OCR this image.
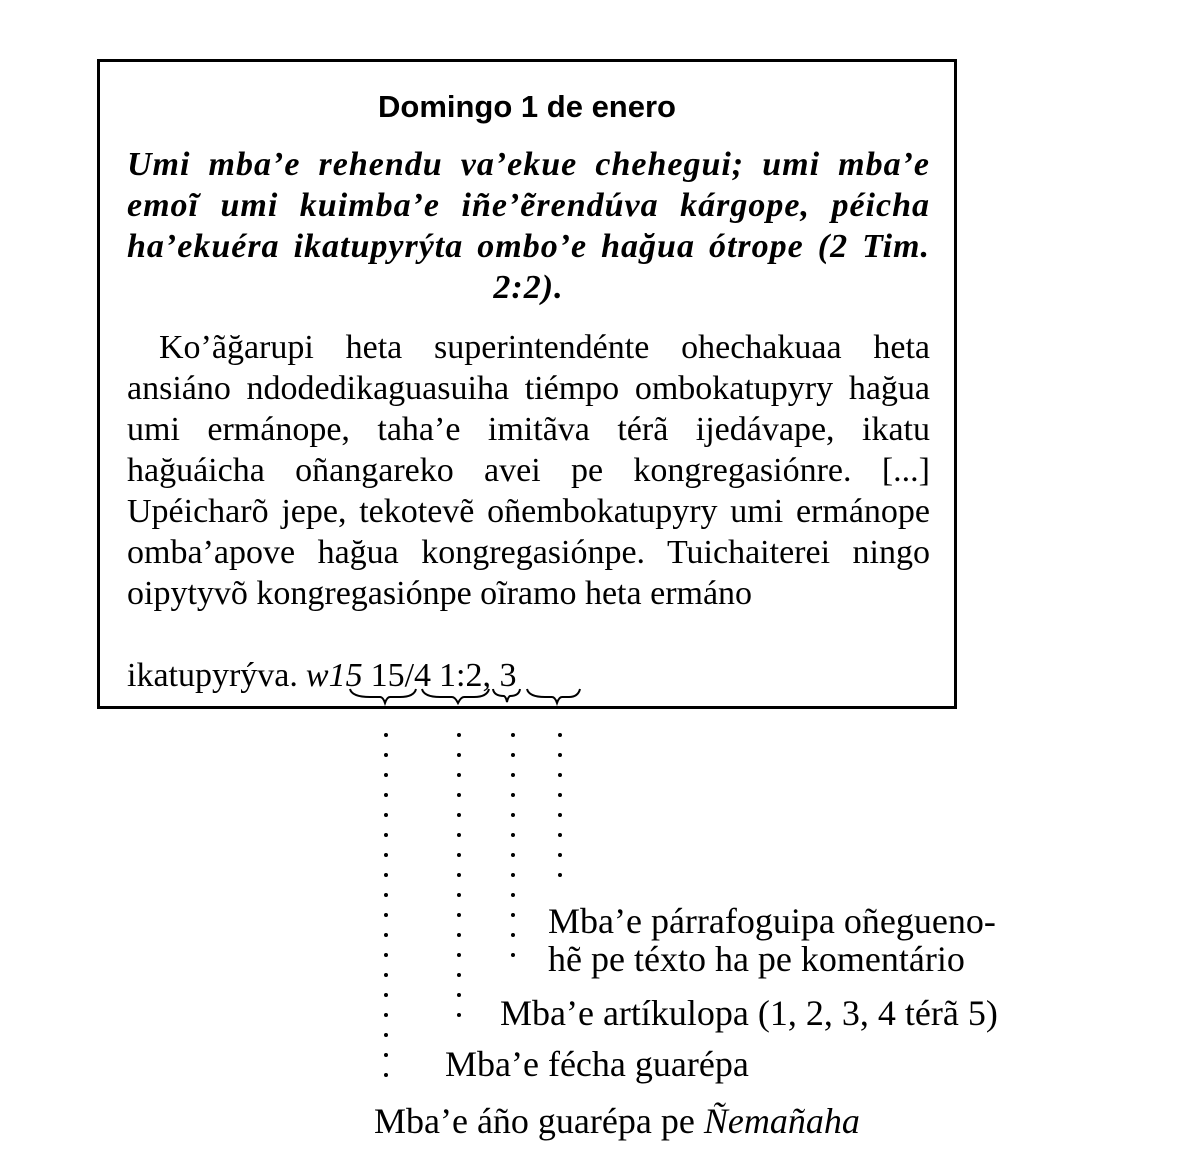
Domingo 1 de enero
Umi mba’e rehendu va’ekue chehegui; umi mba’e emoĩ umi kuimba’e iñe’ẽrendúva kárgope, péicha ha’ekuéra ikatupyrýta ombo’e hağua ótrope (2 Tim. 2:2).
Ko’ãğarupi heta superintendénte ohechakuaa heta ansiáno ndodedikaguasuiha tiémpo ombokatupyry hağua umi ermánope, taha’e imitãva térã ijedávape, ikatu hağuáicha oñangareko avei pe kongregasiónre. [...] Upéicharõ jepe, tekotevẽ oñembokatupyry umi ermánope omba’apove hağua kongregasiónpe. Tuichaiterei ningo oipytyvõ kongregasiónpe oĩramo heta ermáno
ikatupyrýva. w15 15/4 1:2, 3
Mba’e párrafoguipa oñegueno-
hẽ pe téxto ha pe komentário
Mba’e artíkulopa (1, 2, 3, 4 térã 5)
Mba’e fécha guarépa
Mba’e áño guarépa pe Ñemañaha
